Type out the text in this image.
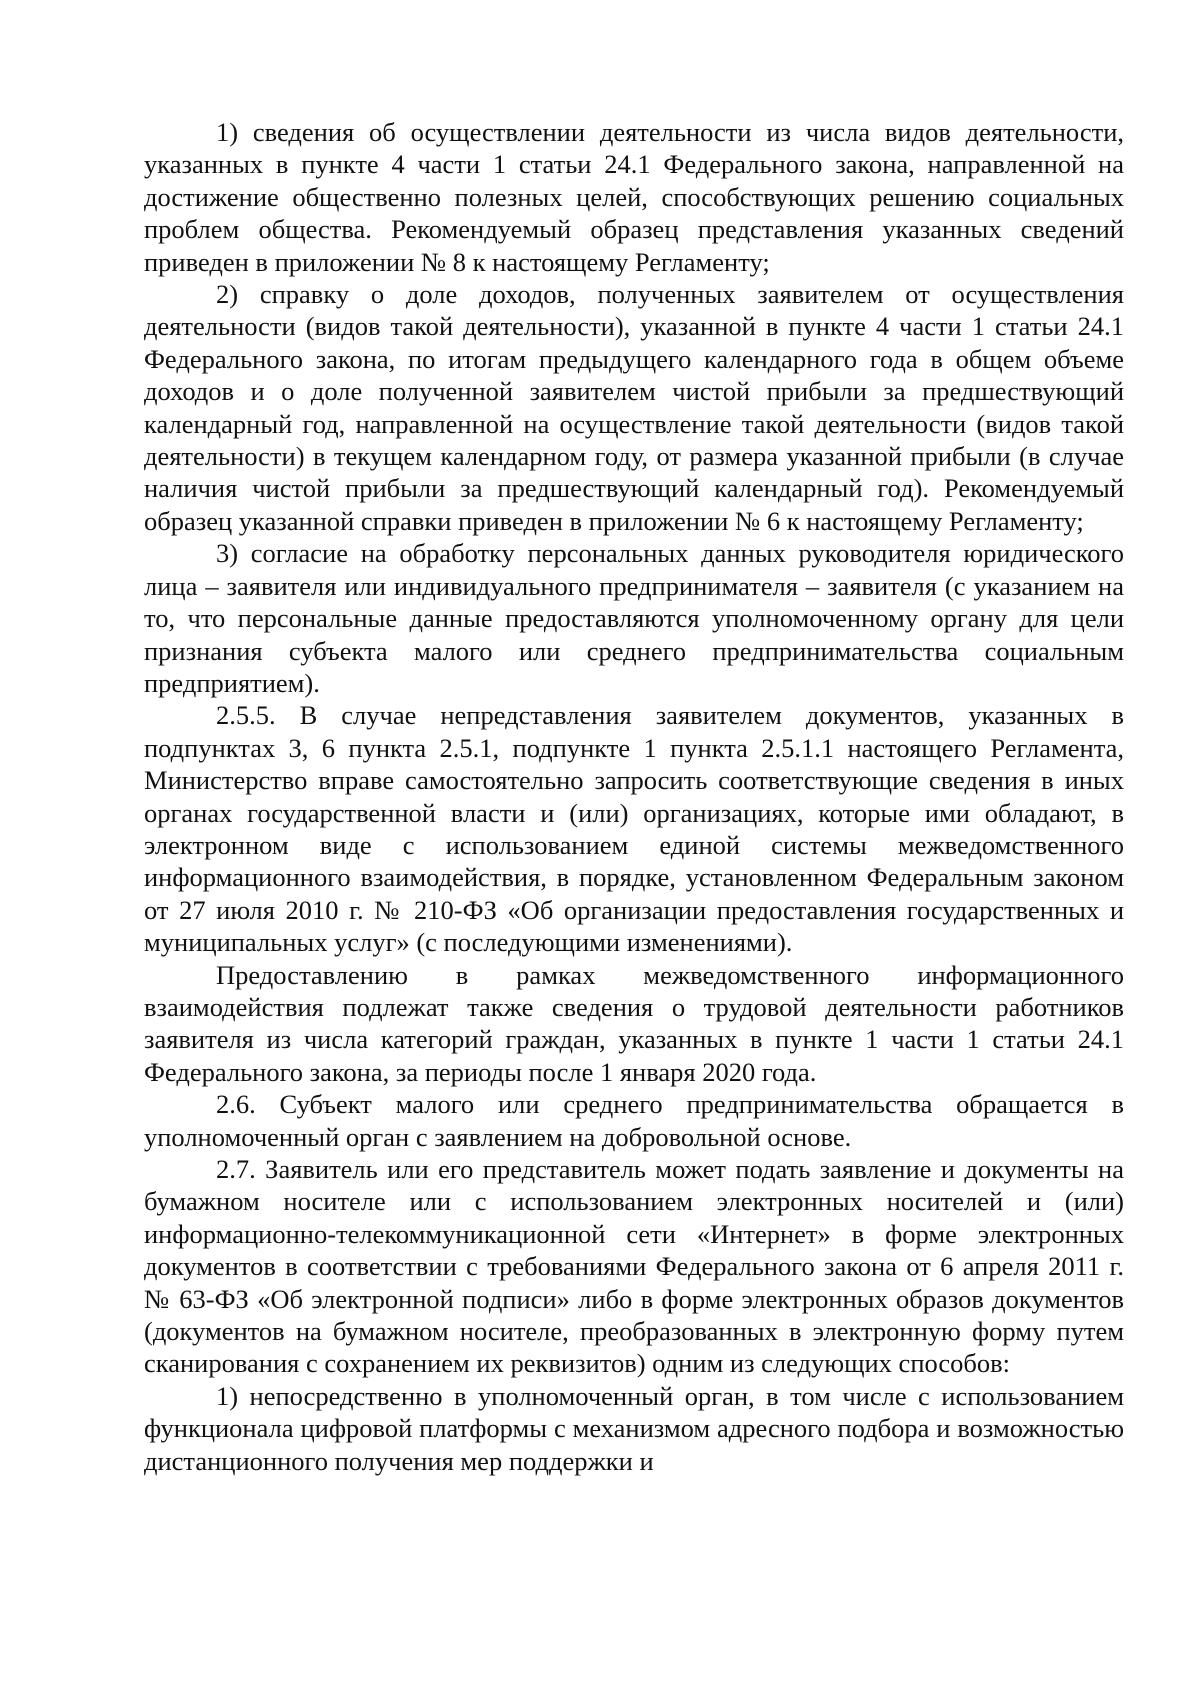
1) сведения об осуществлении деятельности из числа видов деятельности, указанных в пункте 4 части 1 статьи 24.1 Федерального закона, направленной на достижение общественно полезных целей, способствующих решению социальных проблем общества. Рекомендуемый образец представления указанных сведений приведен в приложении № 8 к настоящему Регламенту;

2) справку о доле доходов, полученных заявителем от осуществления деятельности (видов такой деятельности), указанной в пункте 4 части 1 статьи 24.1 Федерального закона, по итогам предыдущего календарного года в общем объеме доходов и о доле полученной заявителем чистой прибыли за предшествующий календарный год, направленной на осуществление такой деятельности (видов такой деятельности) в текущем календарном году, от размера указанной прибыли (в случае наличия чистой прибыли за предшествующий календарный год). Рекомендуемый образец указанной справки приведен в приложении № 6 к настоящему Регламенту;

3) согласие на обработку персональных данных руководителя юридического лица – заявителя или индивидуального предпринимателя – заявителя (с указанием на то, что персональные данные предоставляются уполномоченному органу для цели признания субъекта малого или среднего предпринимательства социальным предприятием).

2.5.5. В случае непредставления заявителем документов, указанных в подпунктах 3, 6 пункта 2.5.1, подпункте 1 пункта 2.5.1.1 настоящего Регламента, Министерство вправе самостоятельно запросить соответствующие сведения в иных органах государственной власти и (или) организациях, которые ими обладают, в электронном виде с использованием единой системы межведомственного информационного взаимодействия, в порядке, установленном Федеральным законом от 27 июля 2010 г. № 210-ФЗ «Об организации предоставления государственных и муниципальных услуг» (с последующими изменениями).

Предоставлению в рамках межведомственного информационного взаимодействия подлежат также сведения о трудовой деятельности работников заявителя из числа категорий граждан, указанных в пункте 1 части 1 статьи 24.1 Федерального закона, за периоды после 1 января 2020 года.

2.6. Субъект малого или среднего предпринимательства обращается в уполномоченный орган с заявлением на добровольной основе.

2.7. Заявитель или его представитель может подать заявление и документы на бумажном носителе или с использованием электронных носителей и (или) информационно-телекоммуникационной сети «Интернет» в форме электронных документов в соответствии с требованиями Федерального закона от 6 апреля 2011 г. № 63-ФЗ «Об электронной подписи» либо в форме электронных образов документов (документов на бумажном носителе, преобразованных в электронную форму путем сканирования с сохранением их реквизитов) одним из следующих способов:

1) непосредственно в уполномоченный орган, в том числе с использованием функционала цифровой платформы с механизмом адресного подбора и возможностью дистанционного получения мер поддержки и
